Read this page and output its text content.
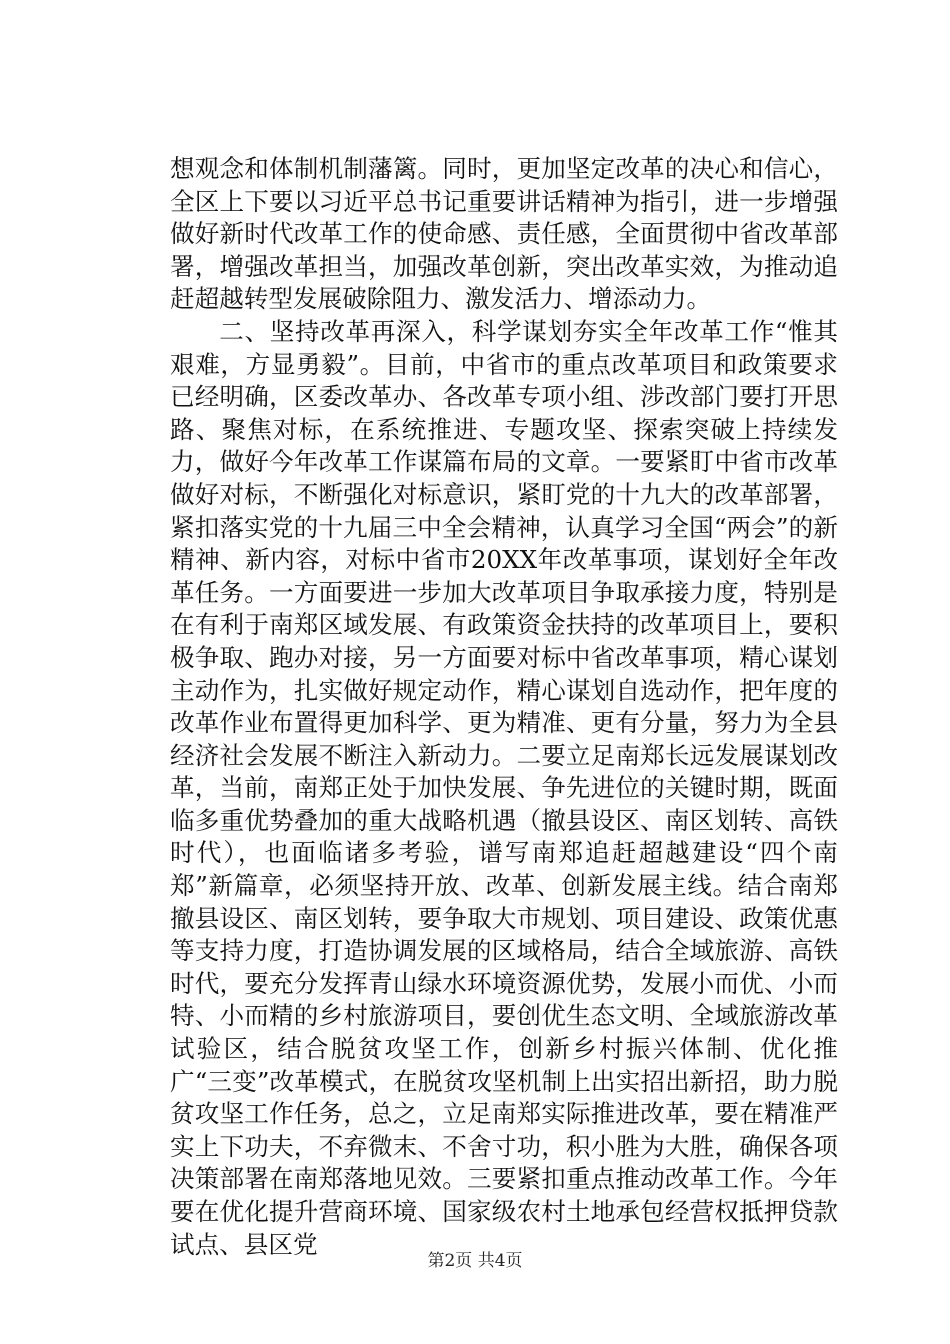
想观念和体制机制藩篱。同时，更加坚定改革的决心和信心，全区上下要以习近平总书记重要讲话精神为指引，进一步增强做好新时代改革工作的使命感、责任感，全面贯彻中省改革部署，增强改革担当，加强改革创新，突出改革实效，为推动追赶超越转型发展破除阻力、激发活力、增添动力。

二、坚持改革再深入，科学谋划夯实全年改革工作“惟其艰难，方显勇毅”。目前，中省市的重点改革项目和政策要求已经明确，区委改革办、各改革专项小组、涉改部门要打开思路、聚焦对标，在系统推进、专题攻坚、探索突破上持续发力，做好今年改革工作谋篇布局的文章。一要紧盯中省市改革做好对标，不断强化对标意识，紧盯党的十九大的改革部署，紧扣落实党的十九届三中全会精神，认真学习全国“两会”的新精神、新内容，对标中省市20XX年改革事项，谋划好全年改革任务。一方面要进一步加大改革项目争取承接力度，特别是在有利于南郑区域发展、有政策资金扶持的改革项目上，要积极争取、跑办对接，另一方面要对标中省改革事项，精心谋划主动作为，扎实做好规定动作，精心谋划自选动作，把年度的改革作业布置得更加科学、更为精准、更有分量，努力为全县经济社会发展不断注入新动力。二要立足南郑长远发展谋划改革，当前，南郑正处于加快发展、争先进位的关键时期，既面临多重优势叠加的重大战略机遇（撤县设区、南区划转、高铁时代），也面临诸多考验，谱写南郑追赶超越建设“四个南郑”新篇章，必须坚持开放、改革、创新发展主线。结合南郑撤县设区、南区划转，要争取大市规划、项目建设、政策优惠等支持力度，打造协调发展的区域格局，结合全域旅游、高铁时代，要充分发挥青山绿水环境资源优势，发展小而优、小而特、小而精的乡村旅游项目，要创优生态文明、全域旅游改革试验区，结合脱贫攻坚工作，创新乡村振兴体制、优化推广“三变”改革模式，在脱贫攻坚机制上出实招出新招，助力脱贫攻坚工作任务，总之，立足南郑实际推进改革，要在精准严实上下功夫，不弃微末、不舍寸功，积小胜为大胜，确保各项决策部署在南郑落地见效。三要紧扣重点推动改革工作。今年要在优化提升营商环境、国家级农村土地承包经营权抵押贷款试点、县区党

第2页 共4页
